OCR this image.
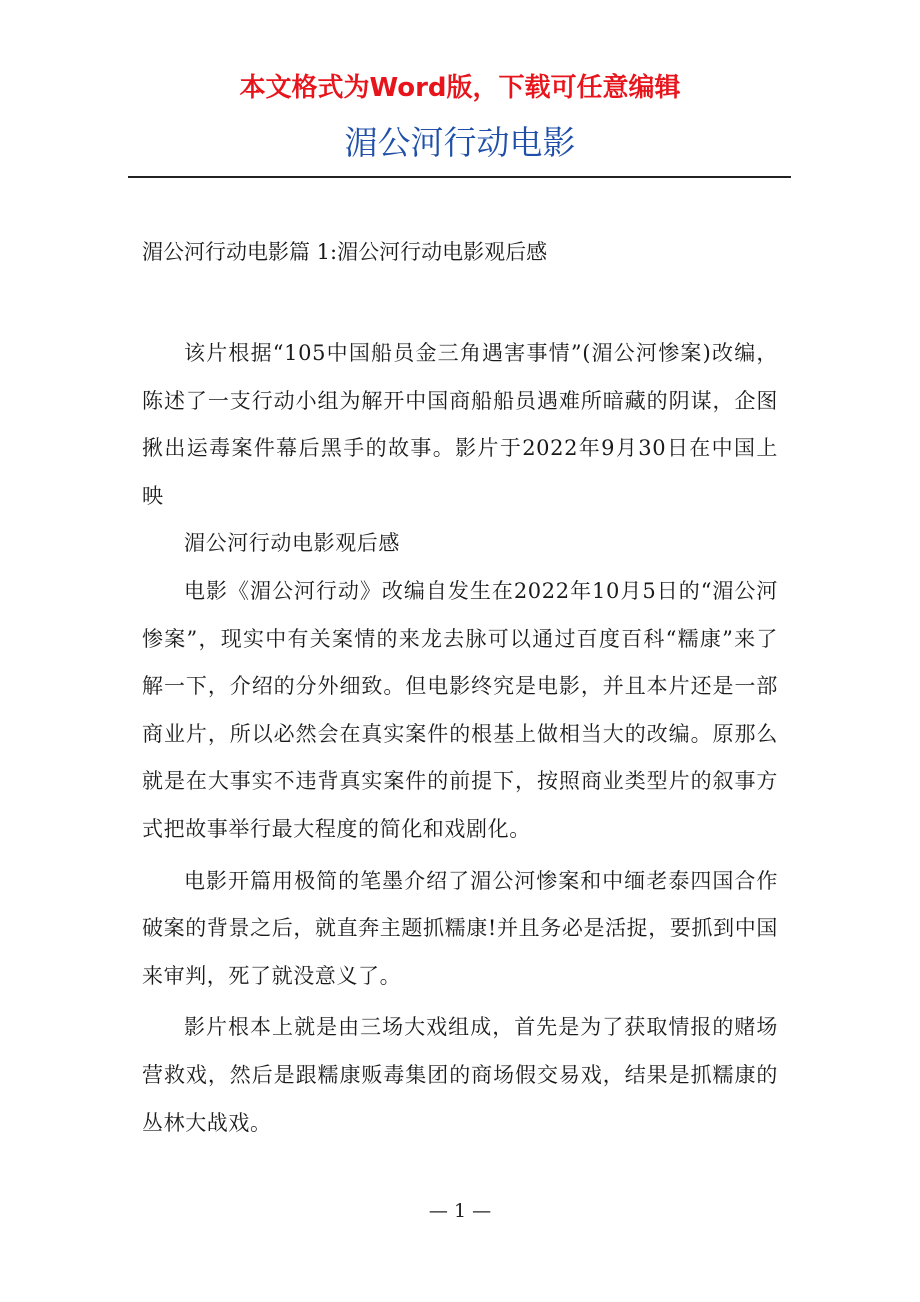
本文格式为Word版，下载可任意编辑
湄公河行动电影
湄公河行动电影篇 1:湄公河行动电影观后感

该片根据“105中国船员金三角遇害事情”(湄公河惨案)改编，陈述了一支行动小组为解开中国商船船员遇难所暗藏的阴谋，企图揪出运毒案件幕后黑手的故事。影片于2022年9月30日在中国上映

湄公河行动电影观后感

电影《湄公河行动》改编自发生在2022年10月5日的“湄公河惨案”，现实中有关案情的来龙去脉可以通过百度百科“糯康”来了解一下，介绍的分外细致。但电影终究是电影，并且本片还是一部商业片，所以必然会在真实案件的根基上做相当大的改编。原那么就是在大事实不违背真实案件的前提下，按照商业类型片的叙事方式把故事举行最大程度的简化和戏剧化。

电影开篇用极简的笔墨介绍了湄公河惨案和中缅老泰四国合作破案的背景之后，就直奔主题抓糯康!并且务必是活捉，要抓到中国来审判，死了就没意义了。

影片根本上就是由三场大戏组成，首先是为了获取情报的赌场营救戏，然后是跟糯康贩毒集团的商场假交易戏，结果是抓糯康的丛林大战戏。

— 1 —
